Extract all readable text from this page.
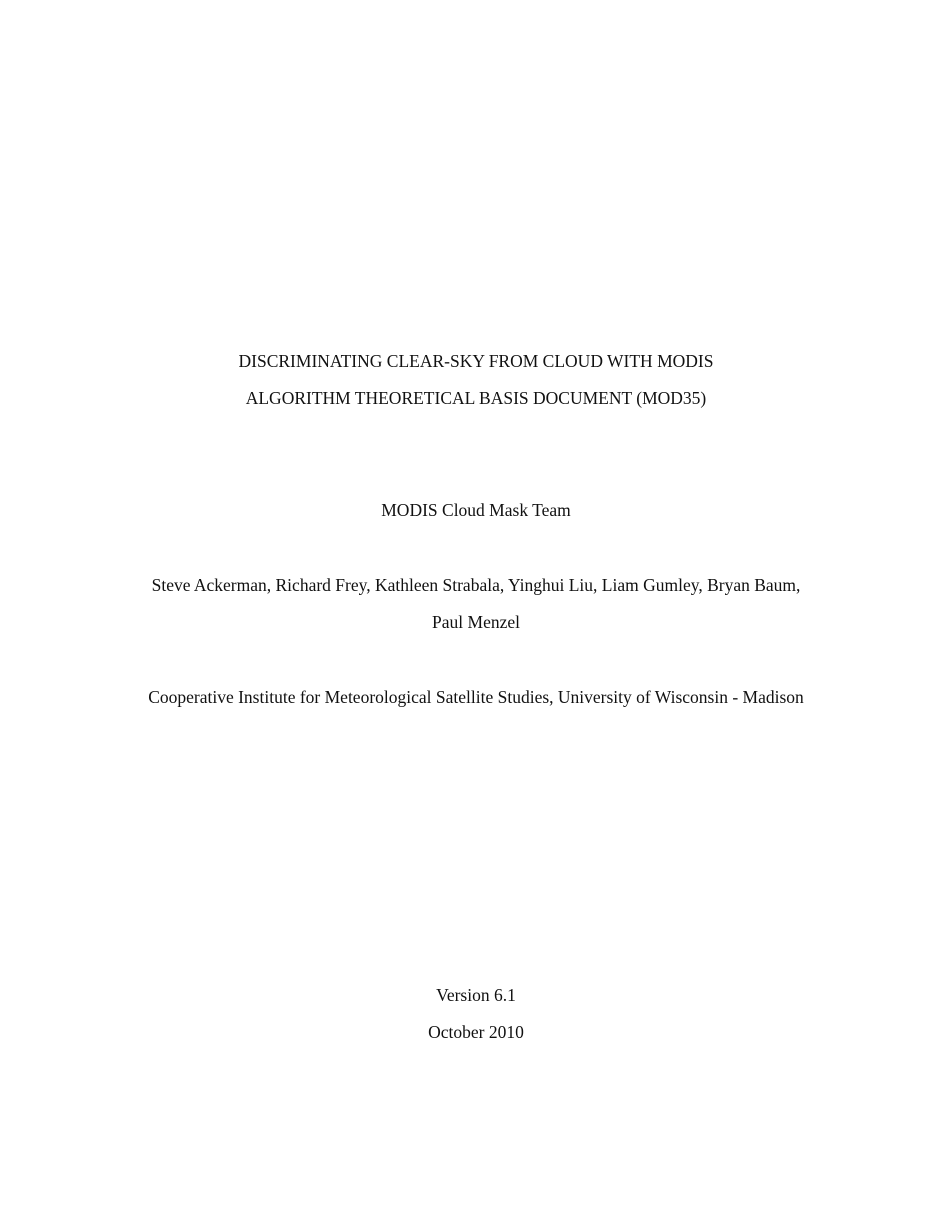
DISCRIMINATING CLEAR-SKY FROM CLOUD WITH MODIS
ALGORITHM THEORETICAL BASIS DOCUMENT (MOD35)
MODIS Cloud Mask Team
Steve Ackerman, Richard Frey, Kathleen Strabala, Yinghui Liu, Liam Gumley, Bryan Baum,
Paul Menzel
Cooperative Institute for Meteorological Satellite Studies, University of Wisconsin - Madison
Version 6.1
October 2010
